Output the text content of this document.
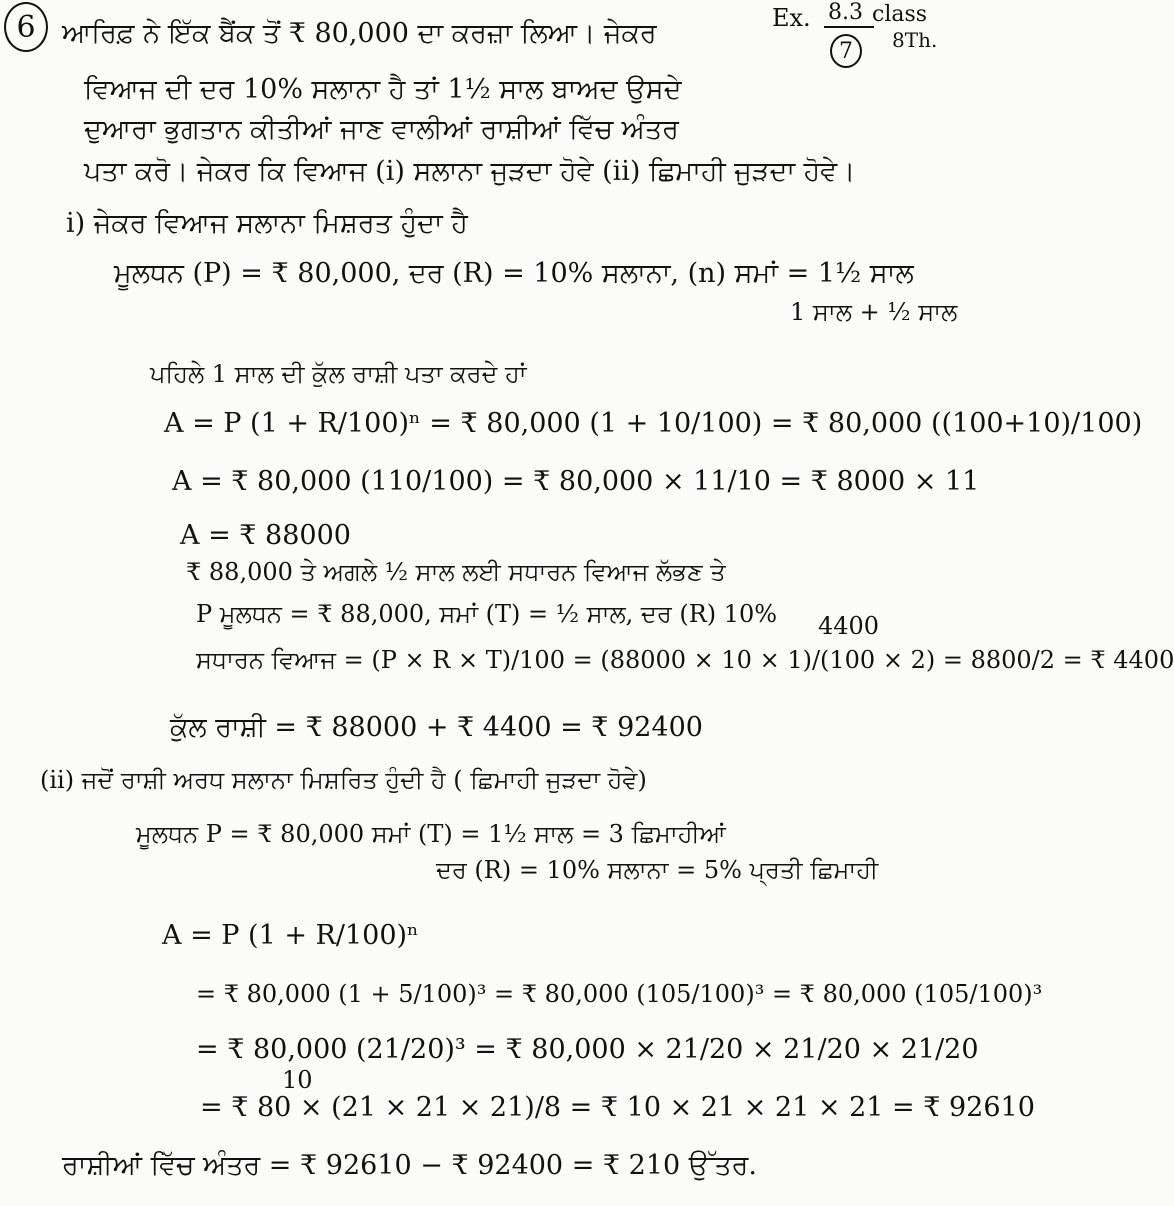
6	Ex. 8.3
7
class
8Th.
ਆਰਿਫ਼ ਨੇ ਇੱਕ ਬੈਂਕ ਤੋਂ ₹ 80,000 ਦਾ ਕਰਜ਼ਾ ਲਿਆ। ਜੇਕਰ
ਵਿਆਜ ਦੀ ਦਰ 10% ਸਲਾਨਾ ਹੈ ਤਾਂ 1½ ਸਾਲ ਬਾਅਦ ਉਸਦੇ
ਦੁਆਰਾ ਭੁਗਤਾਨ ਕੀਤੀਆਂ ਜਾਣ ਵਾਲੀਆਂ ਰਾਸ਼ੀਆਂ ਵਿੱਚ ਅੰਤਰ
ਪਤਾ ਕਰੋ। ਜੇਕਰ ਕਿ ਵਿਆਜ (i) ਸਲਾਨਾ ਜੁੜਦਾ ਹੋਵੇ (ii) ਛਿਮਾਹੀ ਜੁੜਦਾ ਹੋਵੇ।
i) ਜੇਕਰ ਵਿਆਜ ਸਲਾਨਾ ਮਿਸ਼ਰਤ ਹੁੰਦਾ ਹੈ
ਮੂਲਧਨ (P) = ₹ 80,000, ਦਰ (R) = 10% ਸਲਾਨਾ, (n) ਸਮਾਂ = 1½ ਸਾਲ
1 ਸਾਲ + ½ ਸਾਲ
ਪਹਿਲੇ 1 ਸਾਲ ਦੀ ਕੁੱਲ ਰਾਸ਼ੀ ਪਤਾ ਕਰਦੇ ਹਾਂ
A = P (1 + R/100)ⁿ = ₹ 80,000 (1 + 10/100) = ₹ 80,000 ((100+10)/100)
A = ₹ 80,000 (110/100) = ₹ 80,000 × 11/10 = ₹ 8000 × 11
A = ₹ 88000
₹ 88,000 ਤੇ ਅਗਲੇ ½ ਸਾਲ ਲਈ ਸਧਾਰਨ ਵਿਆਜ ਲੱਭਣ ਤੇ
P ਮੂਲਧਨ = ₹ 88,000, ਸਮਾਂ (T) = ½ ਸਾਲ, ਦਰ (R) 10% 4400
ਸਧਾਰਨ ਵਿਆਜ = (P × R × T)/100 = (88000 × 10 × 1)/(100 × 2) = 8800/2 = ₹ 4400
ਕੁੱਲ ਰਾਸ਼ੀ = ₹ 88000 + ₹ 4400 = ₹ 92400
(ii) ਜਦੋਂ ਰਾਸ਼ੀ ਅਰਧ ਸਲਾਨਾ ਮਿਸ਼ਰਿਤ ਹੁੰਦੀ ਹੈ ( ਛਿਮਾਹੀ ਜੁੜਦਾ ਹੋਵੇ)
ਮੂਲਧਨ P = ₹ 80,000 ਸਮਾਂ (T) = 1½ ਸਾਲ = 3 ਛਿਮਾਹੀਆਂ
ਦਰ (R) = 10% ਸਲਾਨਾ = 5% ਪ੍ਰਤੀ ਛਿਮਾਹੀ
A = P (1 + R/100)ⁿ
= ₹ 80,000 (1 + 5/100)³ = ₹ 80,000 (105/100)³ = ₹ 80,000 (105/100)³
= ₹ 80,000 (21/20)³ = ₹ 80,000 × 21/20 × 21/20 × 21/20
10
= ₹ 80 × (21 × 21 × 21)/8 = ₹ 10 × 21 × 21 × 21 = ₹ 92610
ਰਾਸ਼ੀਆਂ ਵਿੱਚ ਅੰਤਰ = ₹ 92610 − ₹ 92400 = ₹ 210 ਉੱਤਰ.
